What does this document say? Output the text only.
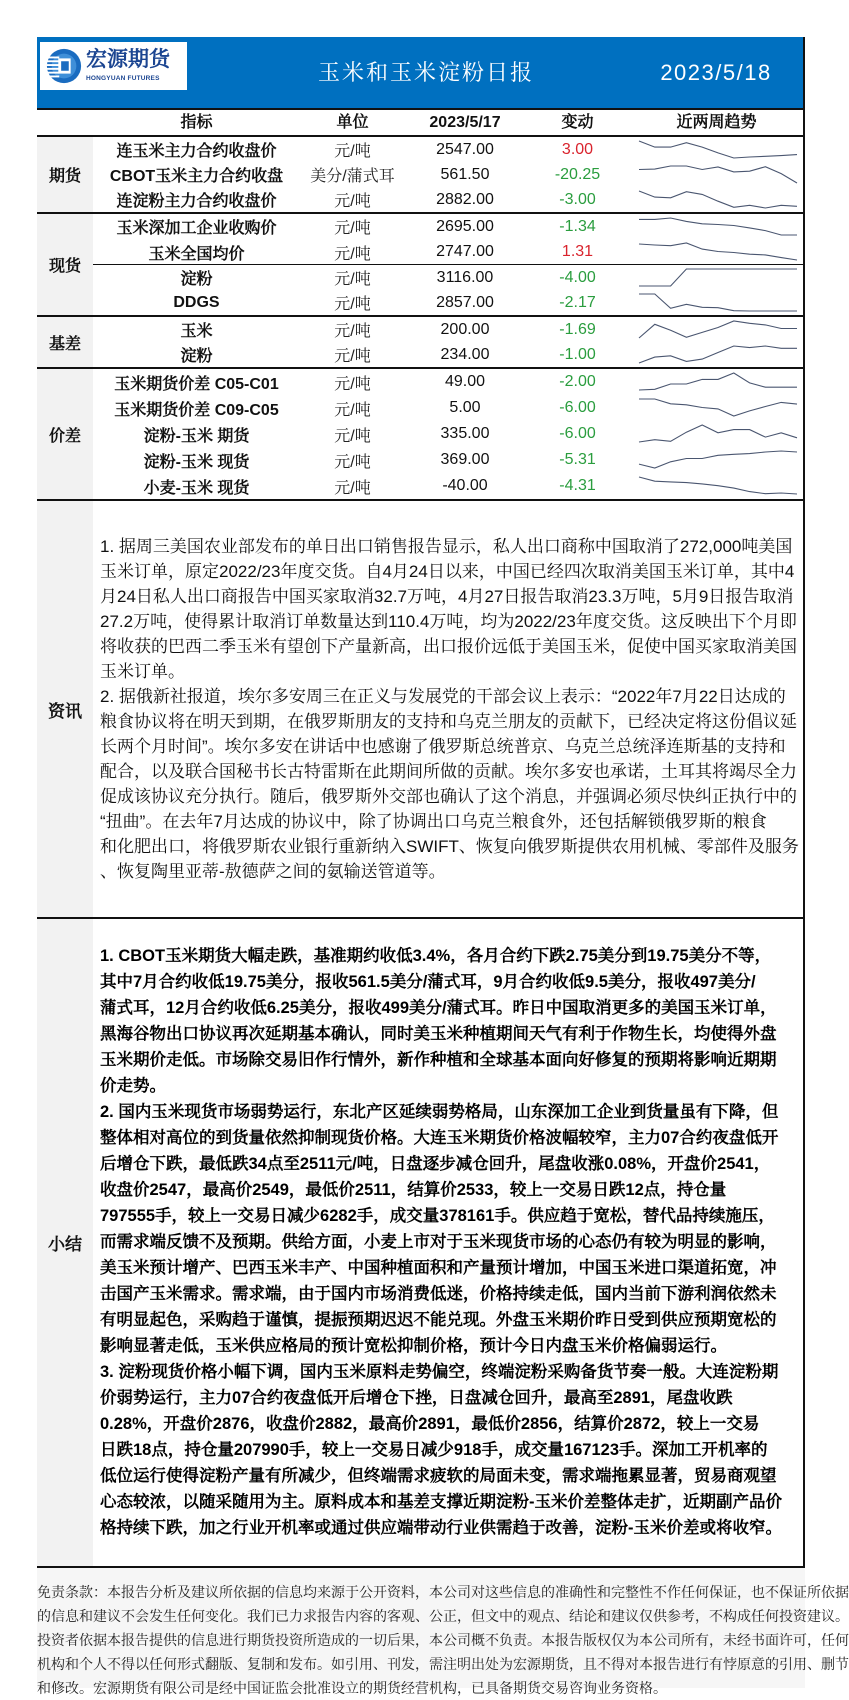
宏源期货
HONGYUAN FUTURES	玉米和玉米淀粉日报	2023/5/18
指标	单位	2023/5/17	变动	近两周趋势
期货
连玉米主力合约收盘价	元/吨	2547.00	3.00
CBOT玉米主力合约收盘	美分/蒲式耳	561.50	-20.25
连淀粉主力合约收盘价	元/吨	2882.00	-3.00
现货
玉米深加工企业收购价	元/吨	2695.00	-1.34
玉米全国均价	元/吨	2747.00	1.31
淀粉	元/吨	3116.00	-4.00
DDGS	元/吨	2857.00	-2.17
基差
玉米	元/吨	200.00	-1.69
淀粉	元/吨	234.00	-1.00
价差
玉米期货价差 C05-C01	元/吨	49.00	-2.00
玉米期货价差 C09-C05	元/吨	5.00	-6.00
淀粉-玉米 期货	元/吨	335.00	-6.00
淀粉-玉米 现货	元/吨	369.00	-5.31
小麦-玉米 现货	元/吨	-40.00	-4.31
资讯
1. 据周三美国农业部发布的单日出口销售报告显示，私人出口商称中国取消了272,000吨美国
玉米订单，原定2022/23年度交货。自4月24日以来，中国已经四次取消美国玉米订单，其中4
月24日私人出口商报告中国买家取消32.7万吨，4月27日报告取消23.3万吨，5月9日报告取消
27.2万吨，使得累计取消订单数量达到110.4万吨，均为2022/23年度交货。这反映出下个月即
将收获的巴西二季玉米有望创下产量新高，出口报价远低于美国玉米，促使中国买家取消美国
玉米订单。
2. 据俄新社报道，埃尔多安周三在正义与发展党的干部会议上表示：“2022年7月22日达成的
粮食协议将在明天到期，在俄罗斯朋友的支持和乌克兰朋友的贡献下，已经决定将这份倡议延
长两个月时间”。埃尔多安在讲话中也感谢了俄罗斯总统普京、乌克兰总统泽连斯基的支持和
配合，以及联合国秘书长古特雷斯在此期间所做的贡献。埃尔多安也承诺，土耳其将竭尽全力
促成该协议充分执行。随后，俄罗斯外交部也确认了这个消息，并强调必须尽快纠正执行中的
“扭曲”。在去年7月达成的协议中，除了协调出口乌克兰粮食外，还包括解锁俄罗斯的粮食
和化肥出口，将俄罗斯农业银行重新纳入SWIFT、恢复向俄罗斯提供农用机械、零部件及服务
、恢复陶里亚蒂-敖德萨之间的氨输送管道等。
小结
1. CBOT玉米期货大幅走跌，基准期约收低3.4%，各月合约下跌2.75美分到19.75美分不等，
其中7月合约收低19.75美分，报收561.5美分/蒲式耳，9月合约收低9.5美分，报收497美分/
蒲式耳，12月合约收低6.25美分，报收499美分/蒲式耳。昨日中国取消更多的美国玉米订单，
黑海谷物出口协议再次延期基本确认，同时美玉米种植期间天气有利于作物生长，均使得外盘
玉米期价走低。市场除交易旧作行情外，新作种植和全球基本面向好修复的预期将影响近期期
价走势。
2. 国内玉米现货市场弱势运行，东北产区延续弱势格局，山东深加工企业到货量虽有下降，但
整体相对高位的到货量依然抑制现货价格。大连玉米期货价格波幅较窄，主力07合约夜盘低开
后增仓下跌，最低跌34点至2511元/吨，日盘逐步减仓回升，尾盘收涨0.08%，开盘价2541，
收盘价2547，最高价2549，最低价2511，结算价2533，较上一交易日跌12点，持仓量
797555手，较上一交易日减少6282手，成交量378161手。供应趋于宽松，替代品持续施压，
而需求端反馈不及预期。供给方面，小麦上市对于玉米现货市场的心态仍有较为明显的影响，
美玉米预计增产、巴西玉米丰产、中国种植面积和产量预计增加，中国玉米进口渠道拓宽，冲
击国产玉米需求。需求端，由于国内市场消费低迷，价格持续走低，国内当前下游利润依然未
有明显起色，采购趋于谨慎，提振预期迟迟不能兑现。外盘玉米期价昨日受到供应预期宽松的
影响显著走低，玉米供应格局的预计宽松抑制价格，预计今日内盘玉米价格偏弱运行。
3. 淀粉现货价格小幅下调，国内玉米原料走势偏空，终端淀粉采购备货节奏一般。大连淀粉期
价弱势运行，主力07合约夜盘低开后增仓下挫，日盘减仓回升，最高至2891，尾盘收跌
0.28%，开盘价2876，收盘价2882，最高价2891，最低价2856，结算价2872，较上一交易
日跌18点，持仓量207990手，较上一交易日减少918手，成交量167123手。深加工开机率的
低位运行使得淀粉产量有所减少，但终端需求疲软的局面未变，需求端拖累显著，贸易商观望
心态较浓，以随采随用为主。原料成本和基差支撑近期淀粉-玉米价差整体走扩，近期副产品价
格持续下跌，加之行业开机率或通过供应端带动行业供需趋于改善，淀粉-玉米价差或将收窄。
免责条款：本报告分析及建议所依据的信息均来源于公开资料，本公司对这些信息的准确性和完整性不作任何保证，也不保证所依据
的信息和建议不会发生任何变化。我们已力求报告内容的客观、公正，但文中的观点、结论和建议仅供参考，不构成任何投资建议。
投资者依据本报告提供的信息进行期货投资所造成的一切后果，本公司概不负责。本报告版权仅为本公司所有，未经书面许可，任何
机构和个人不得以任何形式翻版、复制和发布。如引用、刊发，需注明出处为宏源期货，且不得对本报告进行有悖原意的引用、删节
和修改。宏源期货有限公司是经中国证监会批准设立的期货经营机构，已具备期货交易咨询业务资格。
